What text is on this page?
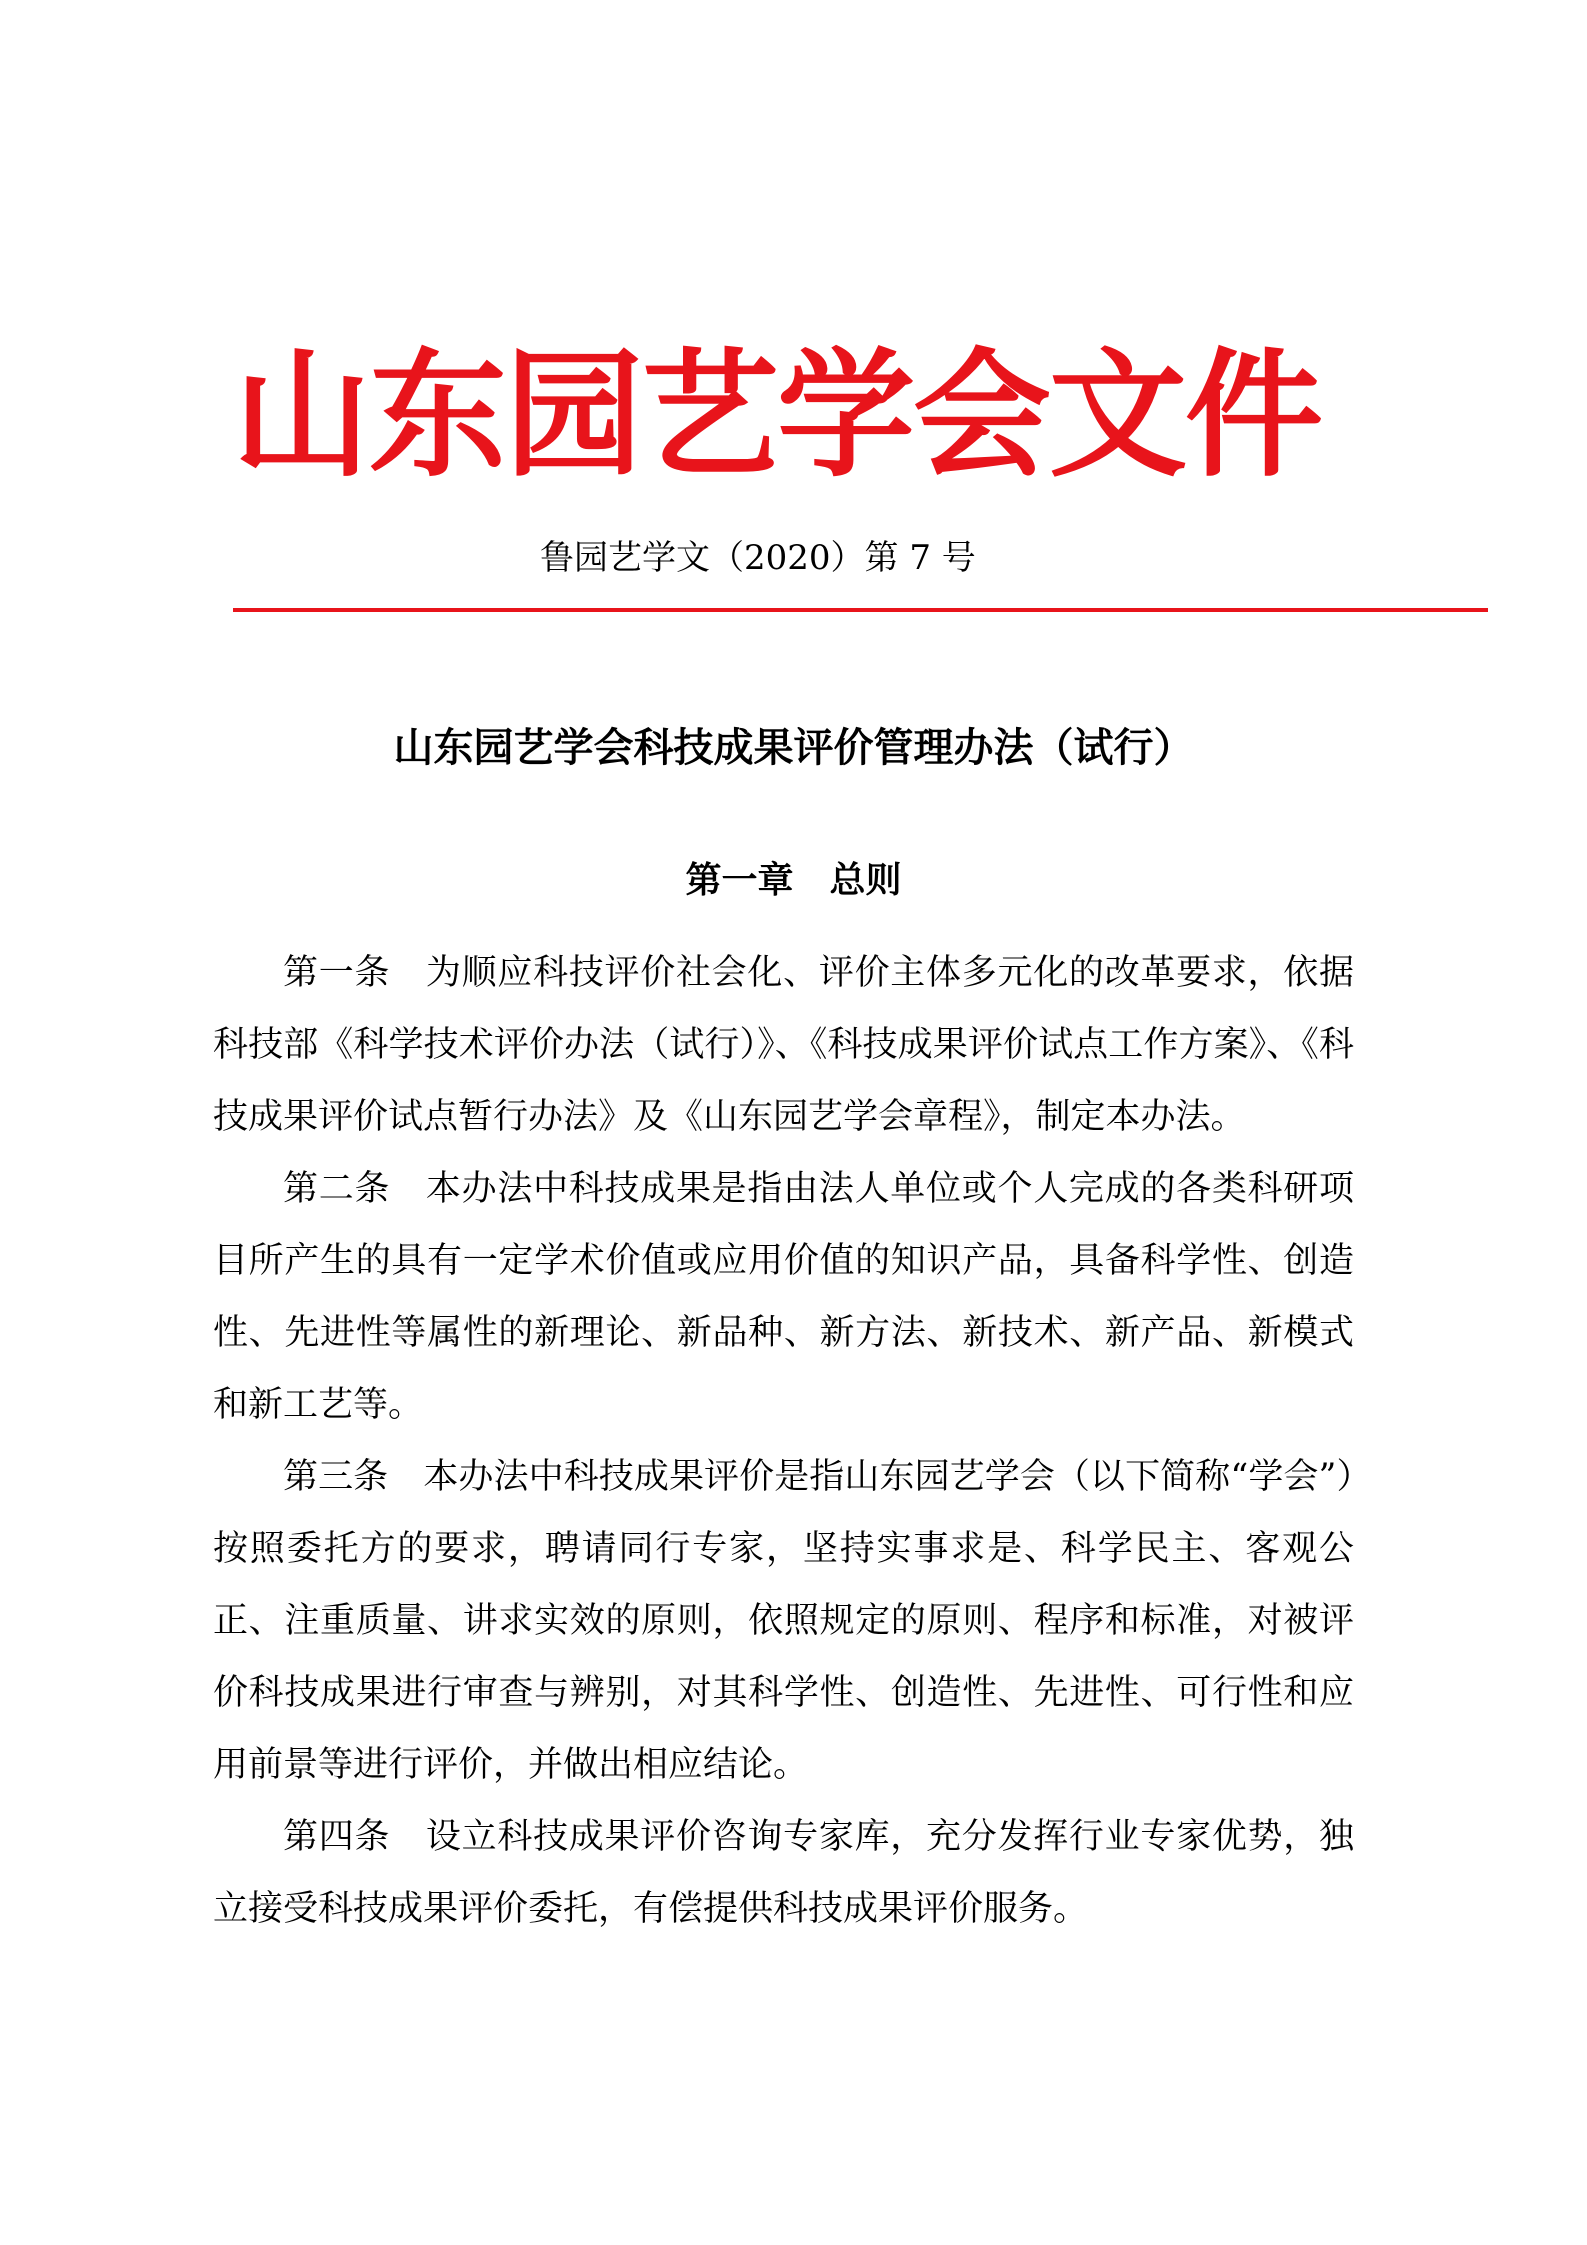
山东园艺学会文件
鲁园艺学文（2020）第 7 号
山东园艺学会科技成果评价管理办法（试行）
第一章　总则

第一条　为顺应科技评价社会化、评价主体多元化的改革要求，依据科技部《科学技术评价办法（试行）》、《科技成果评价试点工作方案》、《科技成果评价试点暂行办法》及《山东园艺学会章程》，制定本办法。

第二条　本办法中科技成果是指由法人单位或个人完成的各类科研项目所产生的具有一定学术价值或应用价值的知识产品，具备科学性、创造性、先进性等属性的新理论、新品种、新方法、新技术、新产品、新模式和新工艺等。

第三条　本办法中科技成果评价是指山东园艺学会（以下简称“学会”）按照委托方的要求，聘请同行专家，坚持实事求是、科学民主、客观公正、注重质量、讲求实效的原则，依照规定的原则、程序和标准，对被评价科技成果进行审查与辨别，对其科学性、创造性、先进性、可行性和应用前景等进行评价，并做出相应结论。

第四条　设立科技成果评价咨询专家库，充分发挥行业专家优势，独立接受科技成果评价委托，有偿提供科技成果评价服务。
